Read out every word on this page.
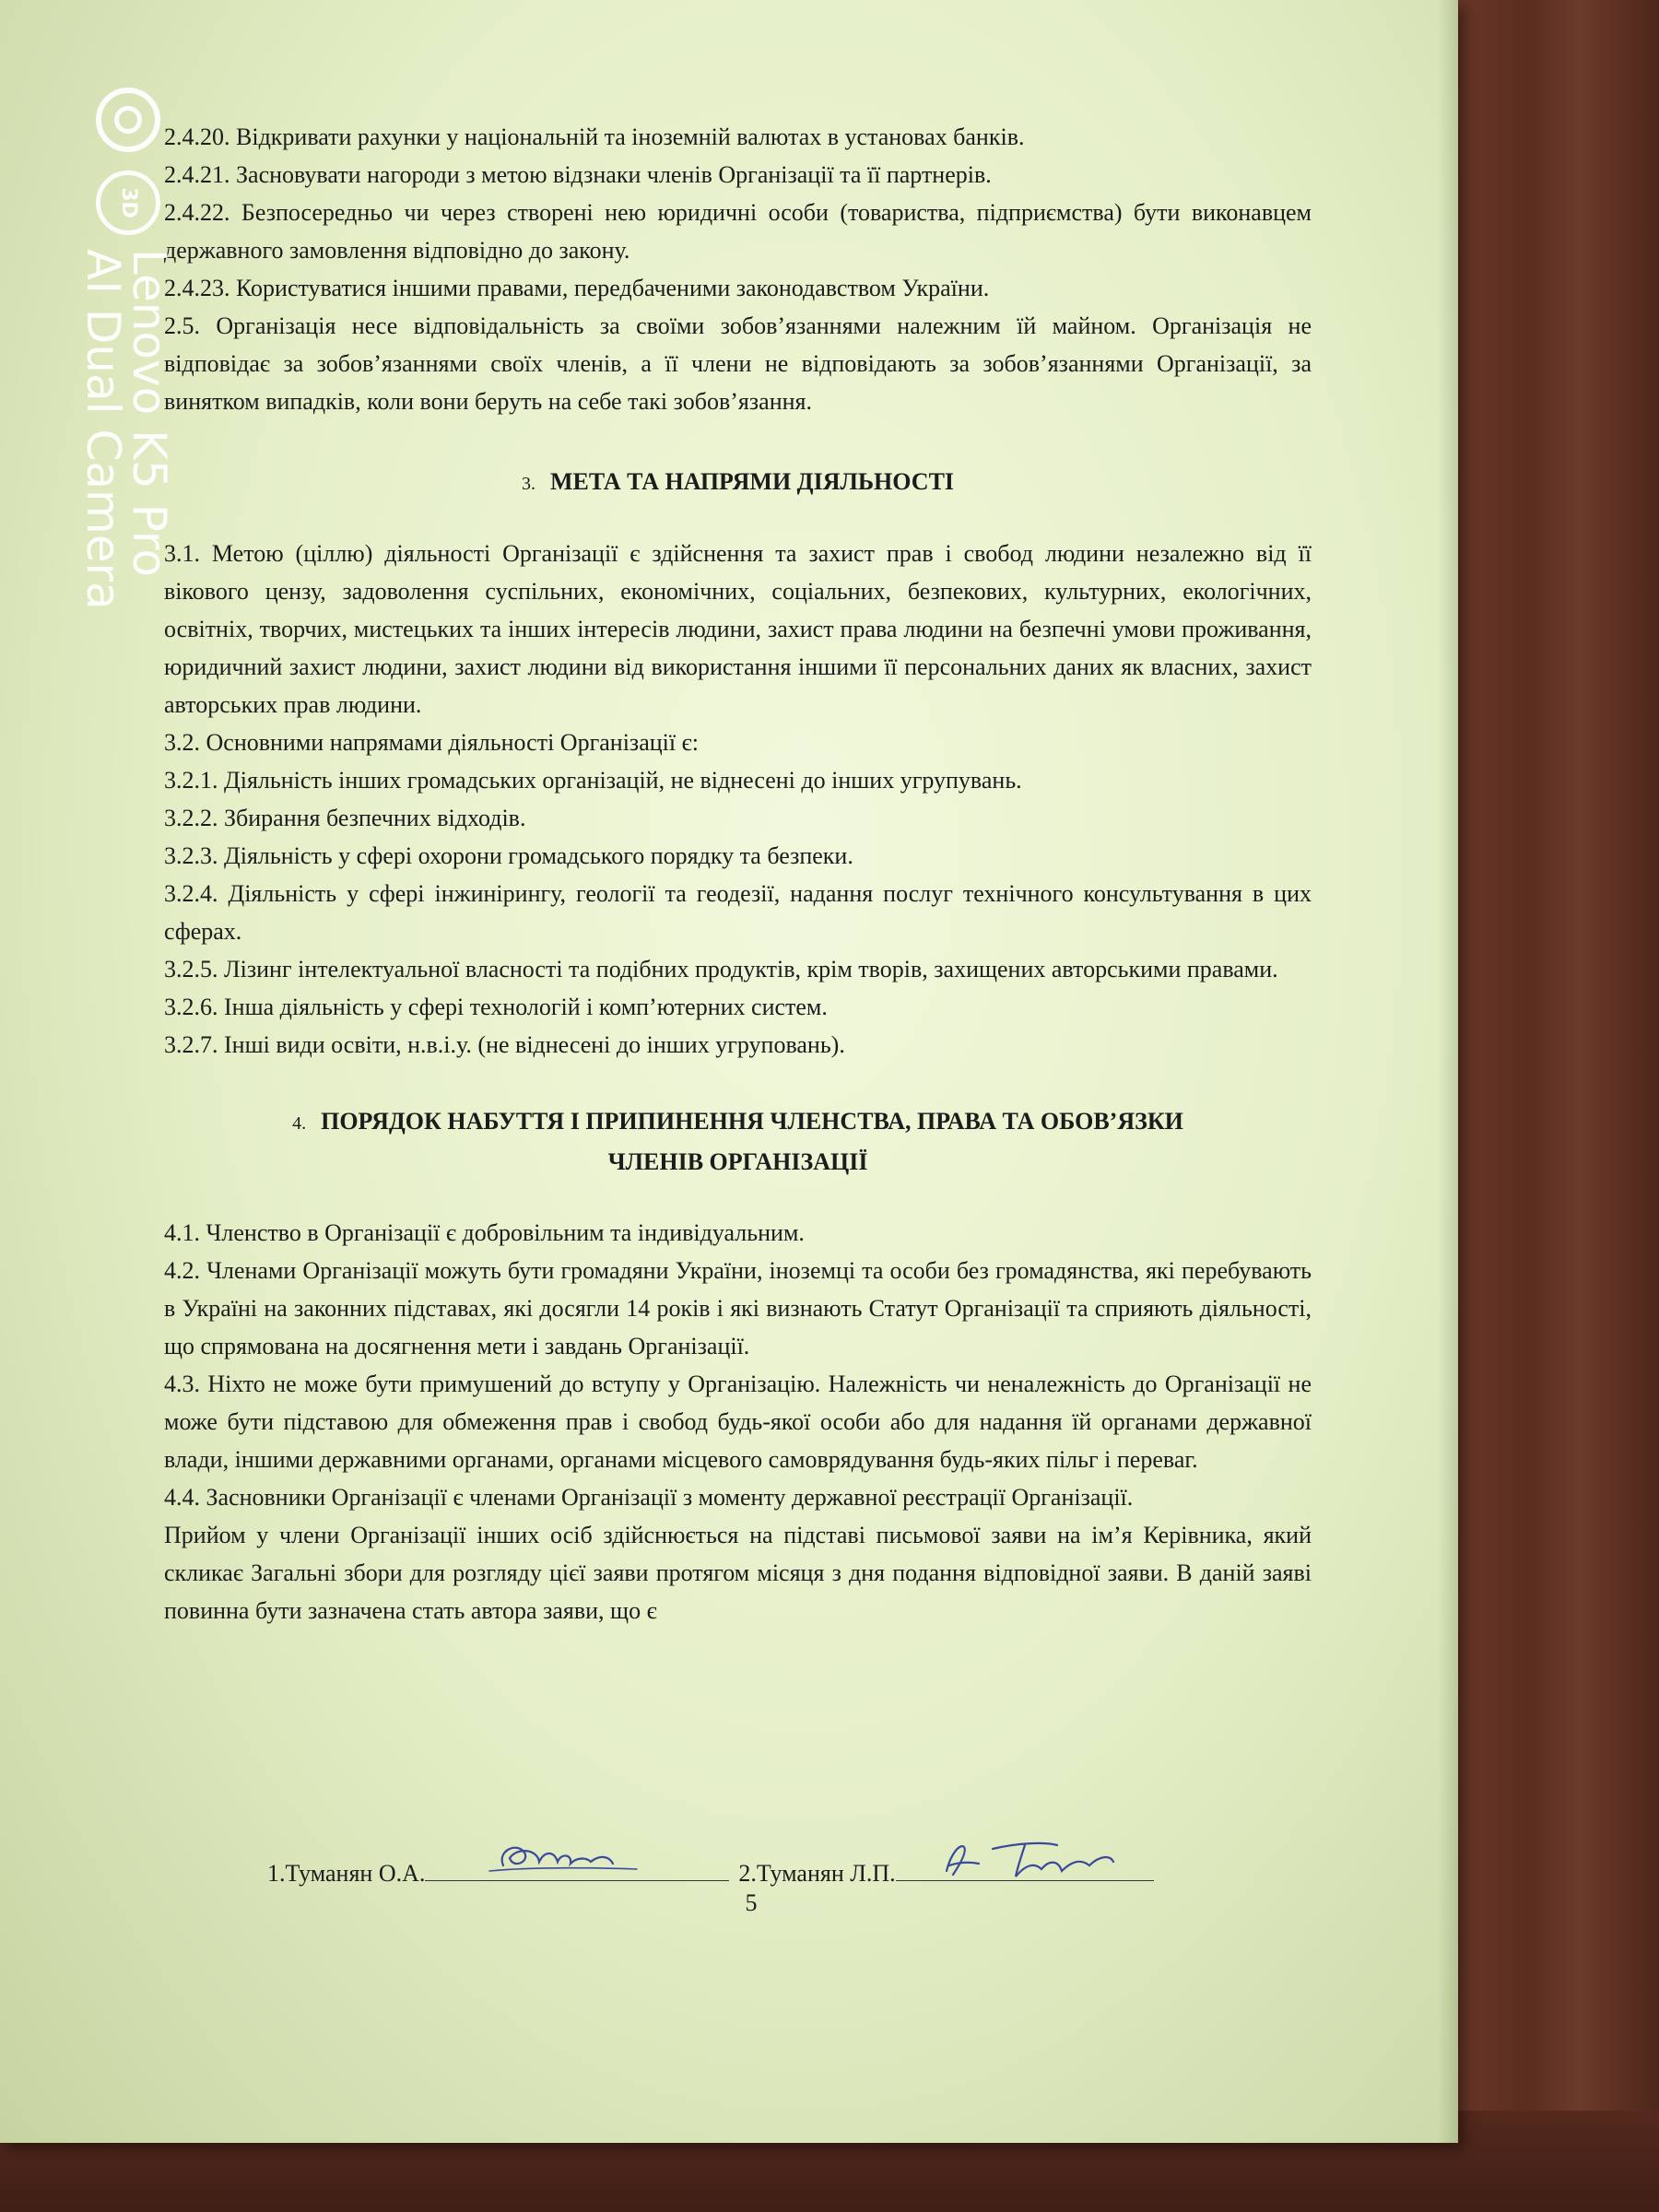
2.4.20. Відкривати рахунки у національній та іноземній валютах в установах банків.

2.4.21. Засновувати нагороди з метою відзнаки членів Організації та її партнерів.

2.4.22. Безпосередньо чи через створені нею юридичні особи (товариства, підприємства) бути виконавцем державного замовлення відповідно до закону.

2.4.23. Користуватися іншими правами, передбаченими законодавством України.

2.5. Організація несе відповідальність за своїми зобов’язаннями належним їй майном. Організація не відповідає за зобов’язаннями своїх членів, а її члени не відповідають за зобов’язаннями Організації, за винятком випадків, коли вони беруть на себе такі зобов’язання.

3. МЕТА ТА НАПРЯМИ ДІЯЛЬНОСТІ

3.1. Метою (ціллю) діяльності Організації є здійснення та захист прав і свобод людини незалежно від її вікового цензу, задоволення суспільних, економічних, соціальних, безпекових, культурних, екологічних, освітніх, творчих, мистецьких та інших інтересів людини, захист права людини на безпечні умови проживання, юридичний захист людини, захист людини від використання іншими її персональних даних як власних, захист авторських прав людини.

3.2. Основними напрямами діяльності Організації є:

3.2.1. Діяльність інших громадських організацій, не віднесені до інших угрупувань.

3.2.2. Збирання безпечних відходів.

3.2.3. Діяльність у сфері охорони громадського порядку та безпеки.

3.2.4. Діяльність у сфері інжинірингу, геології та геодезії, надання послуг технічного консультування в цих сферах.

3.2.5. Лізинг інтелектуальної власності та подібних продуктів, крім творів, захищених авторськими правами.

3.2.6. Інша діяльність у сфері технологій і комп’ютерних систем.

3.2.7. Інші види освіти, н.в.і.у. (не віднесені до інших угруповань).

4. ПОРЯДОК НАБУТТЯ І ПРИПИНЕННЯ ЧЛЕНСТВА, ПРАВА ТА ОБОВ’ЯЗКИ

ЧЛЕНІВ ОРГАНІЗАЦІЇ

4.1. Членство в Організації є добровільним та індивідуальним.

4.2. Членами Організації можуть бути громадяни України, іноземці та особи без громадянства, які перебувають в Україні на законних підставах, які досягли 14 років і які визнають Статут Організації та сприяють діяльності, що спрямована на досягнення мети і завдань Організації.

4.3. Ніхто не може бути примушений до вступу у Організацію. Належність чи неналежність до Організації не може бути підставою для обмеження прав і свобод будь-якої особи або для надання їй органами державної влади, іншими державними органами, органами місцевого самоврядування будь-яких пільг і переваг.

4.4. Засновники Організації є членами Організації з моменту державної реєстрації Організації.

Прийом у члени Організації інших осіб здійснюється на підставі письмової заяви на ім’я Керівника, який скликає Загальні збори для розгляду цієї заяви протягом місяця з дня подання відповідної заяви. В даній заяві повинна бути зазначена стать автора заяви, що є

1.Туманян О.А.	2.Туманян Л.П.
5
3D
Lenovo K5 Pro
AI Dual Camera
